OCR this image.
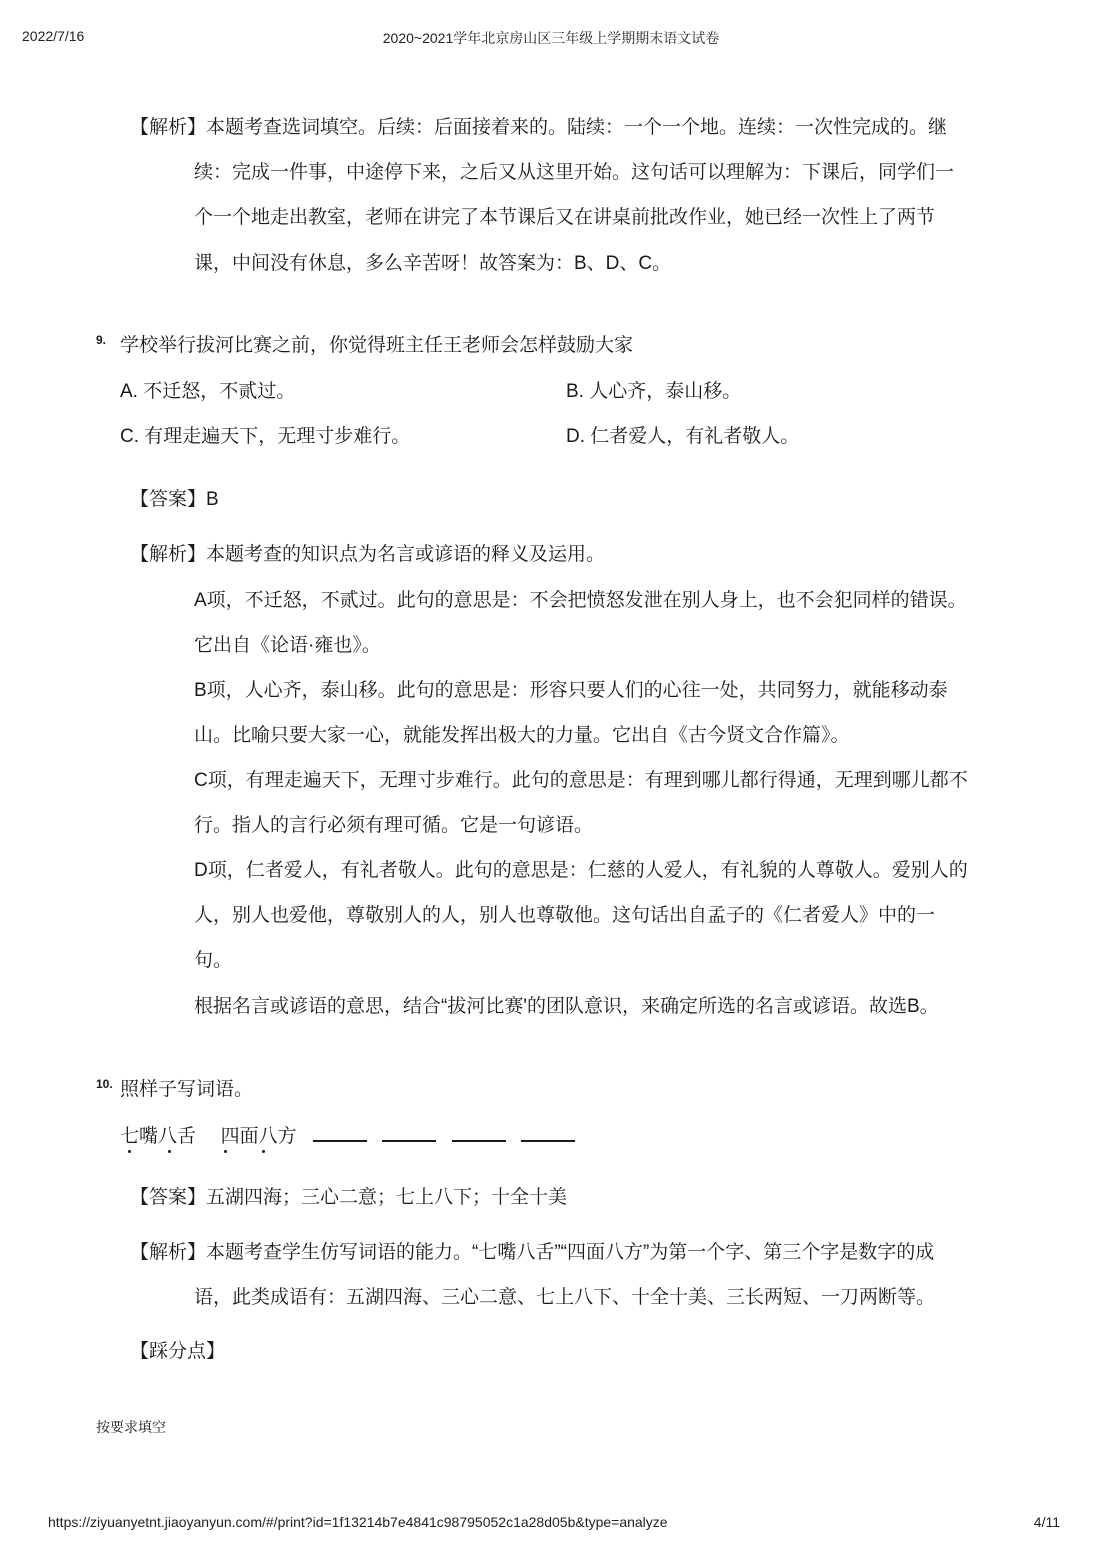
2022/7/16	2020~2021学年北京房山区三年级上学期期末语文试卷
【解析】本题考查选词填空。后续：后面接着来的。陆续：一个一个地。连续：一次性完成的。继
续：完成一件事，中途停下来，之后又从这里开始。这句话可以理解为：下课后，同学们一
个一个地走出教室，老师在讲完了本节课后又在讲桌前批改作业，她已经一次性上了两节
课，中间没有休息，多么辛苦呀！故答案为：B、D、C。
9. 学校举行拔河比赛之前，你觉得班主任王老师会怎样鼓励大家
A. 不迁怒，不贰过。	B. 人心齐，泰山移。
C. 有理走遍天下，无理寸步难行。	D. 仁者爱人，有礼者敬人。
【答案】B
【解析】本题考查的知识点为名言或谚语的释义及运用。
A项，不迁怒，不贰过。此句的意思是：不会把愤怒发泄在别人身上，也不会犯同样的错误。
它出自《论语·雍也》。
B项，人心齐，泰山移。此句的意思是：形容只要人们的心往一处，共同努力，就能移动泰
山。比喻只要大家一心，就能发挥出极大的力量。它出自《古今贤文合作篇》。
C项，有理走遍天下，无理寸步难行。此句的意思是：有理到哪儿都行得通，无理到哪儿都不
行。指人的言行必须有理可循。它是一句谚语。
D项，仁者爱人，有礼者敬人。此句的意思是：仁慈的人爱人，有礼貌的人尊敬人。爱别人的
人，别人也爱他，尊敬别人的人，别人也尊敬他。这句话出自孟子的《仁者爱人》中的一
句。
根据名言或谚语的意思，结合“拔河比赛'的团队意识，来确定所选的名言或谚语。故选B。
10. 照样子写词语。
七嘴八舌 四面八方
【答案】五湖四海；三心二意；七上八下；十全十美
【解析】本题考查学生仿写词语的能力。“七嘴八舌”“四面八方”为第一个字、第三个字是数字的成
语，此类成语有：五湖四海、三心二意、七上八下、十全十美、三长两短、一刀两断等。
【踩分点】
按要求填空
https://ziyuanyetnt.jiaoyanyun.com/#/print?id=1f13214b7e4841c98795052c1a28d05b&type=analyze	4/11
